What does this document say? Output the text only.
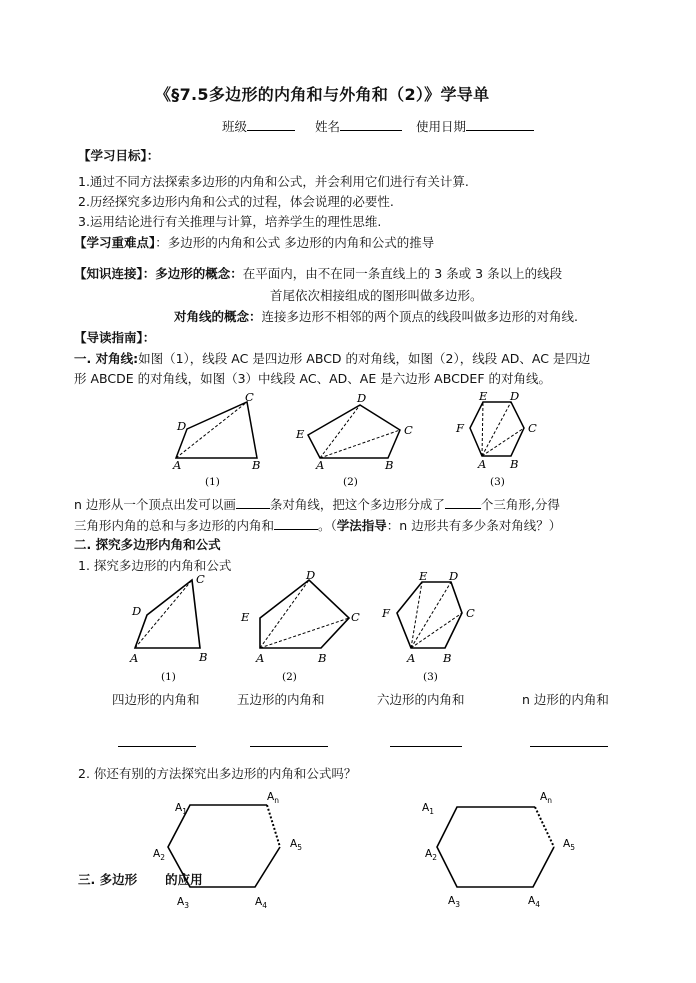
《§7.5多边形的内角和与外角和（2）》学导单
班级	姓名	使用日期
【学习目标】：
1.通过不同方法探索多边形的内角和公式，并会利用它们进行有关计算.
2.历经探究多边形内角和公式的过程，体会说理的必要性.
3.运用结论进行有关推理与计算，培养学生的理性思维.
【学习重难点】：多边形的内角和公式 多边形的内角和公式的推导
【知识连接】：多边形的概念：在平面内，由不在同一条直线上的 3 条或 3 条以上的线段
首尾依次相接组成的图形叫做多边形。
对角线的概念：连接多边形不相邻的两个顶点的线段叫做多边形的对角线.
【导读指南】：
一. 对角线:如图（1），线段 AC 是四边形 ABCD 的对角线，如图（2），线段 AD、AC 是四边
形 ABCDE 的对角线，如图（3）中线段 AC、AD、AE 是六边形 ABCDEF 的对角线。
A	B
C
D
(1)
A	B
C
D
E
(2)
A B
C
D
E
F
(3)
n 边形从一个顶点出发可以画	条对角线，把这个多边形分成了	个三角形,分得
三角形内角的总和与多边形的内角和	。（学法指导：n 边形共有多少条对角线？）
二. 探究多边形内角和公式
1. 探究多边形的内角和公式
A	B
C
D
(1)
A	B
C
D
E
(2)
A B
C
D
E
F
(3)
四边形的内角和	五边形的内角和	六边形的内角和	n 边形的内角和
2. 你还有别的方法探究出多边形的内角和公式吗？
$A_1$
$A_2$
$A_3$	$A_4$
$A_5$
$A_n$
$A_1$
$A_2$
$A_3$	$A_4$
$A_5$
$A_n$
三. 多边形 的应用
